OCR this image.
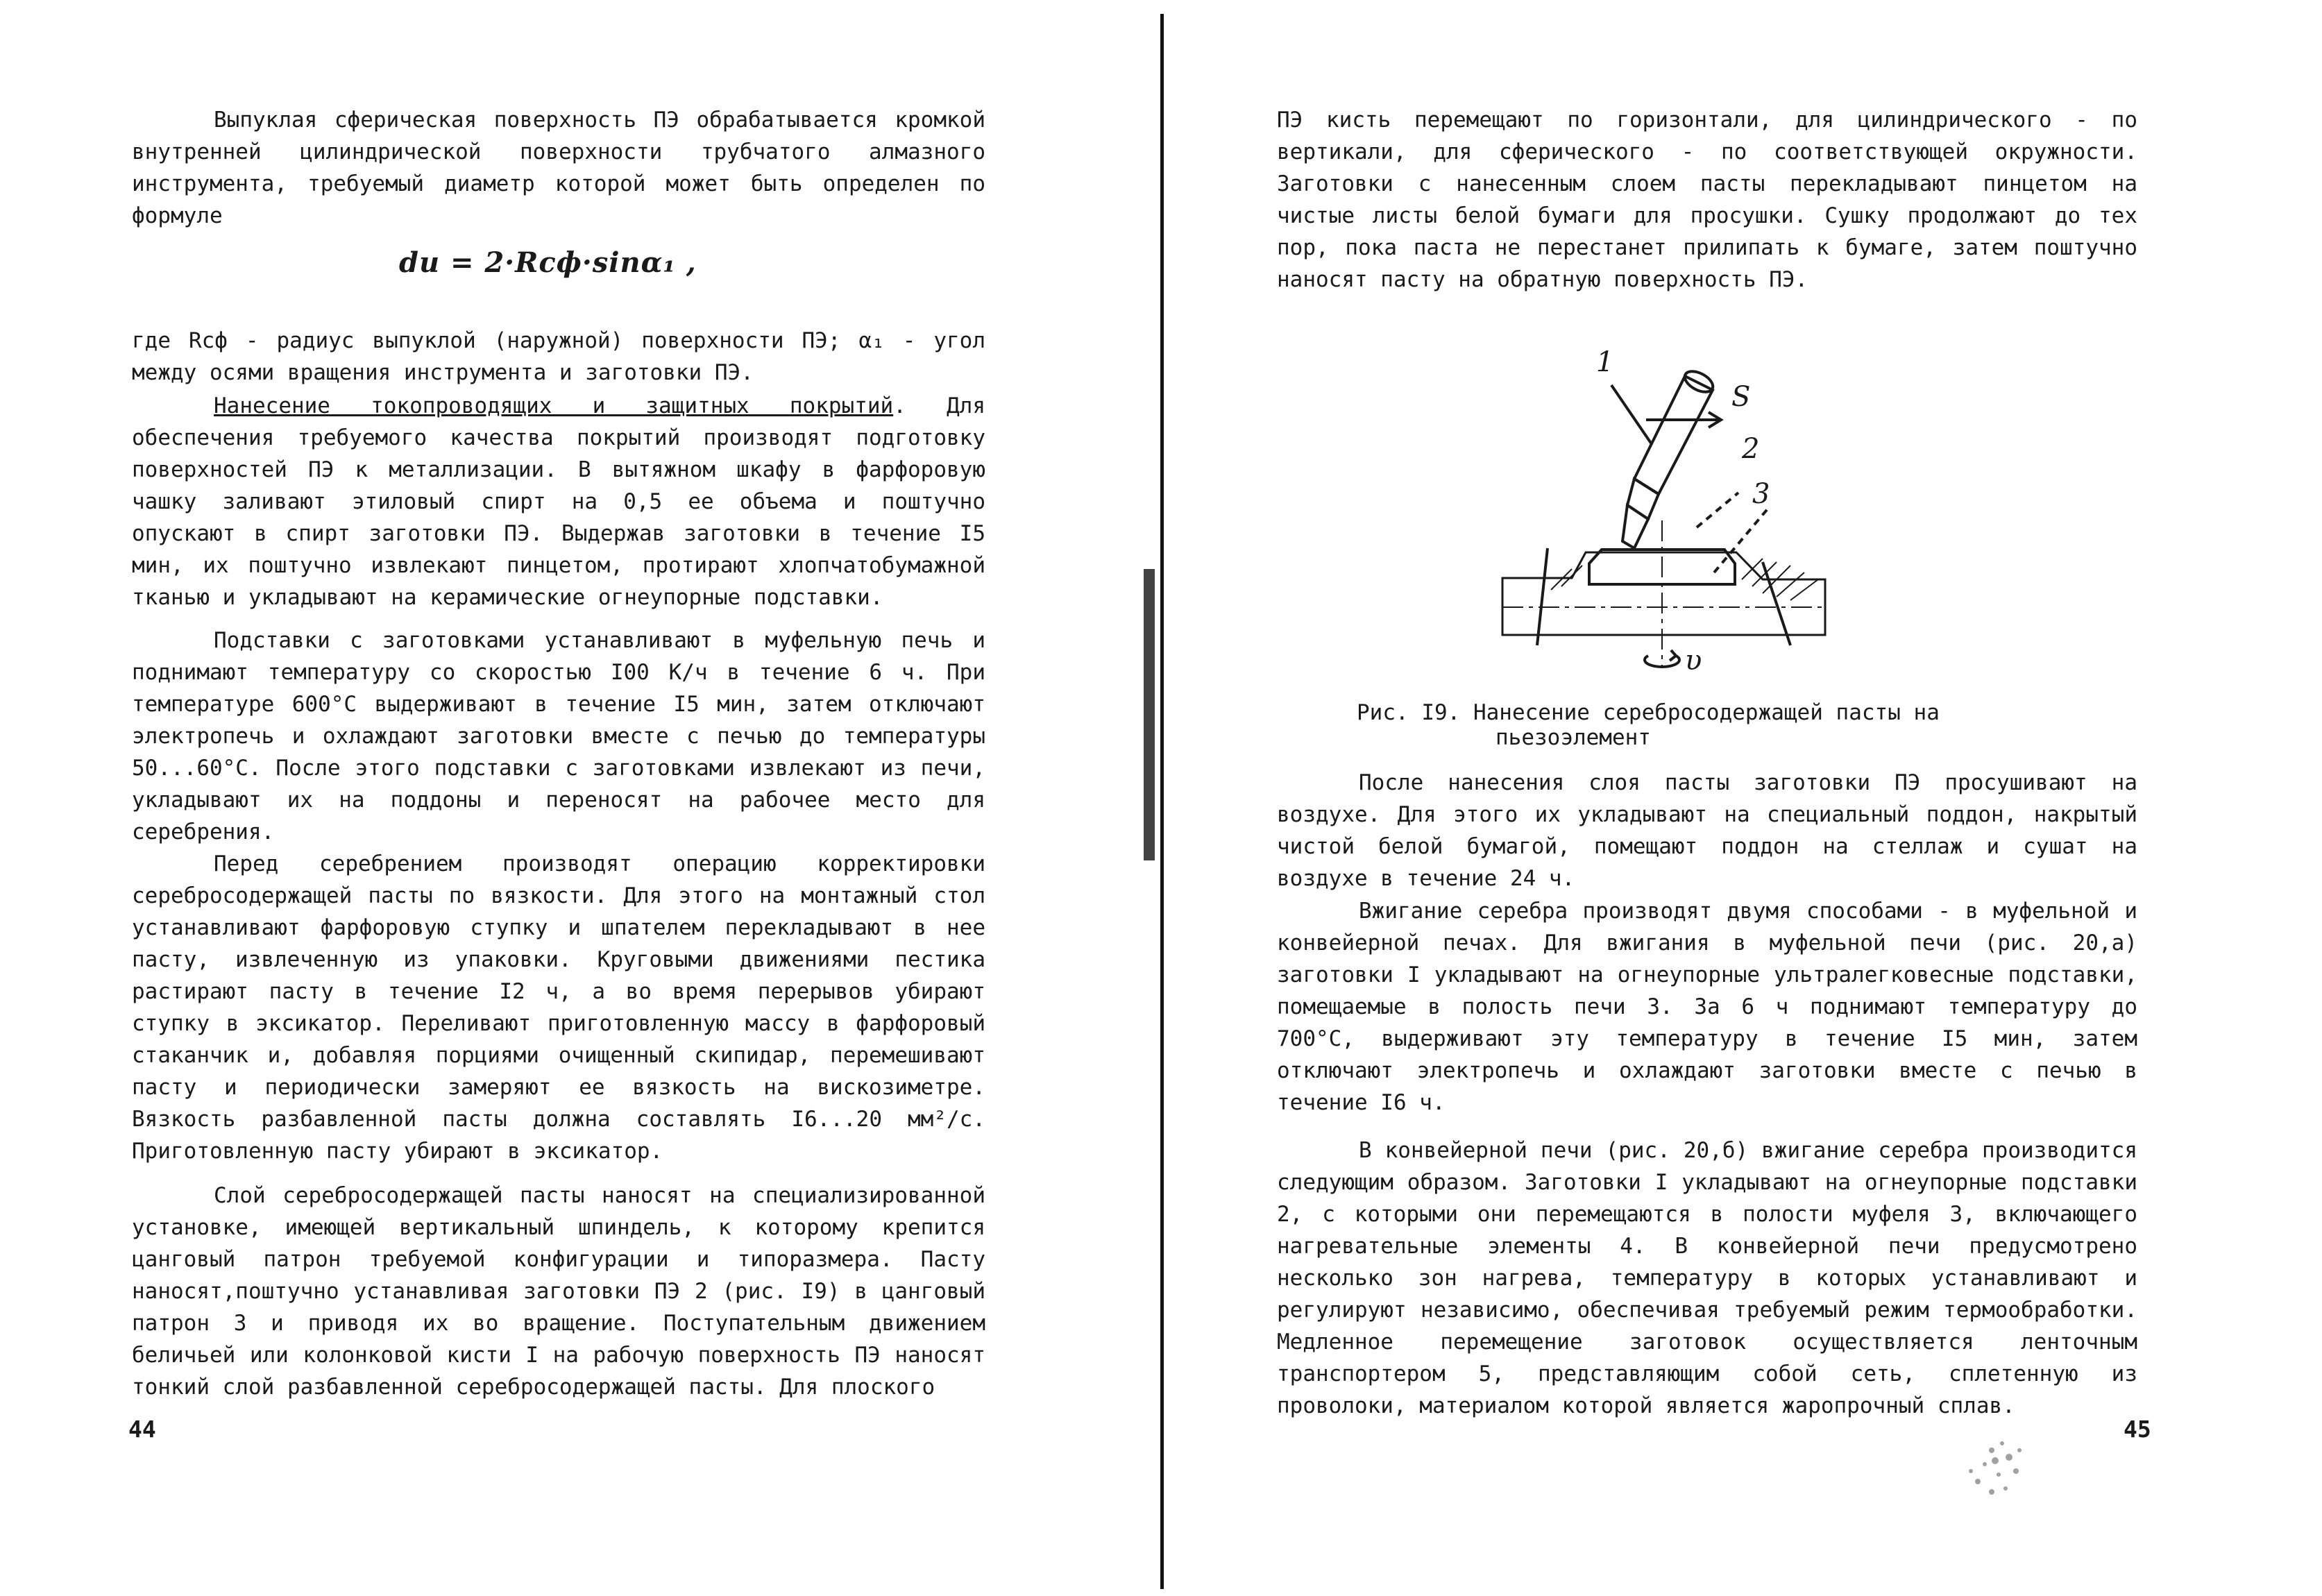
Выпуклая сферическая поверхность ПЭ обрабатывается кромкой внутренней цилиндрической поверхности трубчатого алмазного инструмента, требуемый диаметр которой может быть определен по формуле

dи = 2·Rсф·sinα₁ ,

где Rсф - радиус выпуклой (наружной) поверхности ПЭ; α₁ - угол между осями вращения инструмента и заготовки ПЭ.

Нанесение токопроводящих и защитных покрытий. Для обеспечения требуемого качества покрытий производят подготовку поверхностей ПЭ к металлизации. В вытяжном шкафу в фарфоровую чашку заливают этиловый спирт на 0,5 ее объема и поштучно опускают в спирт заготовки ПЭ. Выдержав заготовки в течение I5 мин, их поштучно извлекают пинцетом, протирают хлопчатобумажной тканью и укладывают на керамические огнеупорные подставки.

Подставки с заготовками устанавливают в муфельную печь и поднимают температуру со скоростью I00 К/ч в течение 6 ч. При температуре 600°С выдерживают в течение I5 мин, затем отключают электропечь и охлаждают заготовки вместе с печью до температуры 50...60°С. После этого подставки с заготовками извлекают из печи, укладывают их на поддоны и переносят на рабочее место для серебрения.

Перед серебрением производят операцию корректировки серебросодержащей пасты по вязкости. Для этого на монтажный стол устанавливают фарфоровую ступку и шпателем перекладывают в нее пасту, извлеченную из упаковки. Круговыми движениями пестика растирают пасту в течение I2 ч, а во время перерывов убирают ступку в эксикатор. Переливают приготовленную массу в фарфоровый стаканчик и, добавляя порциями очищенный скипидар, перемешивают пасту и периодически замеряют ее вязкость на вискозиметре. Вязкость разбавленной пасты должна составлять I6...20 мм²/с. Приготовленную пасту убирают в эксикатор.

Слой серебросодержащей пасты наносят на специализированной установке, имеющей вертикальный шпиндель, к которому крепится цанговый патрон требуемой конфигурации и типоразмера. Пасту наносят,поштучно устанавливая заготовки ПЭ 2 (рис. I9) в цанговый патрон 3 и приводя их во вращение. Поступательным движением беличьей или колонковой кисти I на рабочую поверхность ПЭ наносят тонкий слой разбавленной серебросодержащей пасты. Для плоского

44

ПЭ кисть перемещают по горизонтали, для цилиндрического - по вертикали, для сферического - по соответствующей окружности. Заготовки с нанесенным слоем пасты перекладывают пинцетом на чистые листы белой бумаги для просушки. Сушку продолжают до тех пор, пока паста не перестанет прилипать к бумаге, затем поштучно наносят пасту на обратную поверхность ПЭ.

1
S
2
3
υ
Рис. I9. Нанесение серебросодержащей пасты на
пьезоэлемент

После нанесения слоя пасты заготовки ПЭ просушивают на воздухе. Для этого их укладывают на специальный поддон, накрытый чистой белой бумагой, помещают поддон на стеллаж и сушат на воздухе в течение 24 ч.

Вжигание серебра производят двумя способами - в муфельной и конвейерной печах. Для вжигания в муфельной печи (рис. 20,а) заготовки I укладывают на огнеупорные ультралегковесные подставки, помещаемые в полость печи 3. За 6 ч поднимают температуру до 700°С, выдерживают эту температуру в течение I5 мин, затем отключают электропечь и охлаждают заготовки вместе с печью в течение I6 ч.

В конвейерной печи (рис. 20,б) вжигание серебра производится следующим образом. Заготовки I укладывают на огнеупорные подставки 2, с которыми они перемещаются в полости муфеля 3, включающего нагревательные элементы 4. В конвейерной печи предусмотрено несколько зон нагрева, температуру в которых устанавливают и регулируют независимо, обеспечивая требуемый режим термообработки. Медленное перемещение заготовок осуществляется ленточным транспортером 5, представляющим собой сеть, сплетенную из проволоки, материалом которой является жаропрочный сплав.

45
